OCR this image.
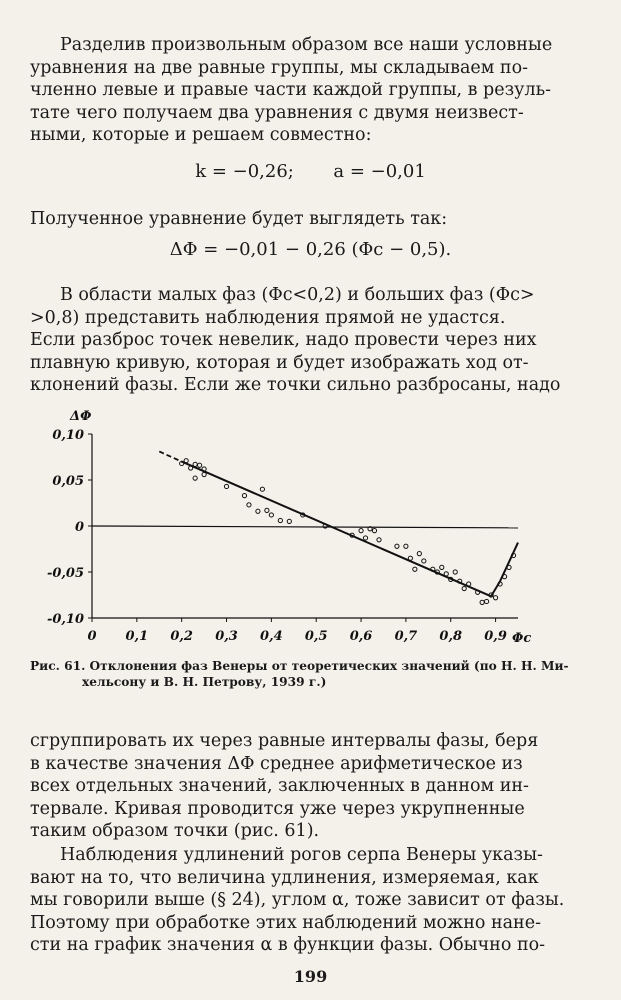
Разделив произвольным образом все наши условные
уравнения на две равные группы, мы складываем по-
членно левые и правые части каждой группы, в резуль-
тате чего получаем два уравнения с двумя неизвест-
ными, которые и решаем совместно:
k = −0,26; a = −0,01
Полученное уравнение будет выглядеть так:
ΔΦ = −0,01 − 0,26 (Φc − 0,5).
В области малых фаз (Φc<0,2) и больших фаз (Φc>
>0,8) представить наблюдения прямой не удастся.
Если разброс точек невелик, надо провести через них
плавную кривую, которая и будет изображать ход от-
клонений фазы. Если же точки сильно разбросаны, надо
0,10
0,05
0
-0,05
-0,10
0 0,1 0,2 0,3 0,4 0,5 0,6 0,7 0,8 0,9
ΔΦ
Φc
Рис. 61. Отклонения фаз Венеры от теоретических значений (по Н. Н. Ми-
хельсону и В. Н. Петрову, 1939 г.)
сгруппировать их через равные интервалы фазы, беря
в качестве значения ΔΦ среднее арифметическое из
всех отдельных значений, заключенных в данном ин-
тервале. Кривая проводится уже через укрупненные
таким образом точки (рис. 61).
Наблюдения удлинений рогов серпа Венеры указы-
вают на то, что величина удлинения, измеряемая, как
мы говорили выше (§ 24), углом α, тоже зависит от фазы.
Поэтому при обработке этих наблюдений можно нане-
сти на график значения α в функции фазы. Обычно по-
199
